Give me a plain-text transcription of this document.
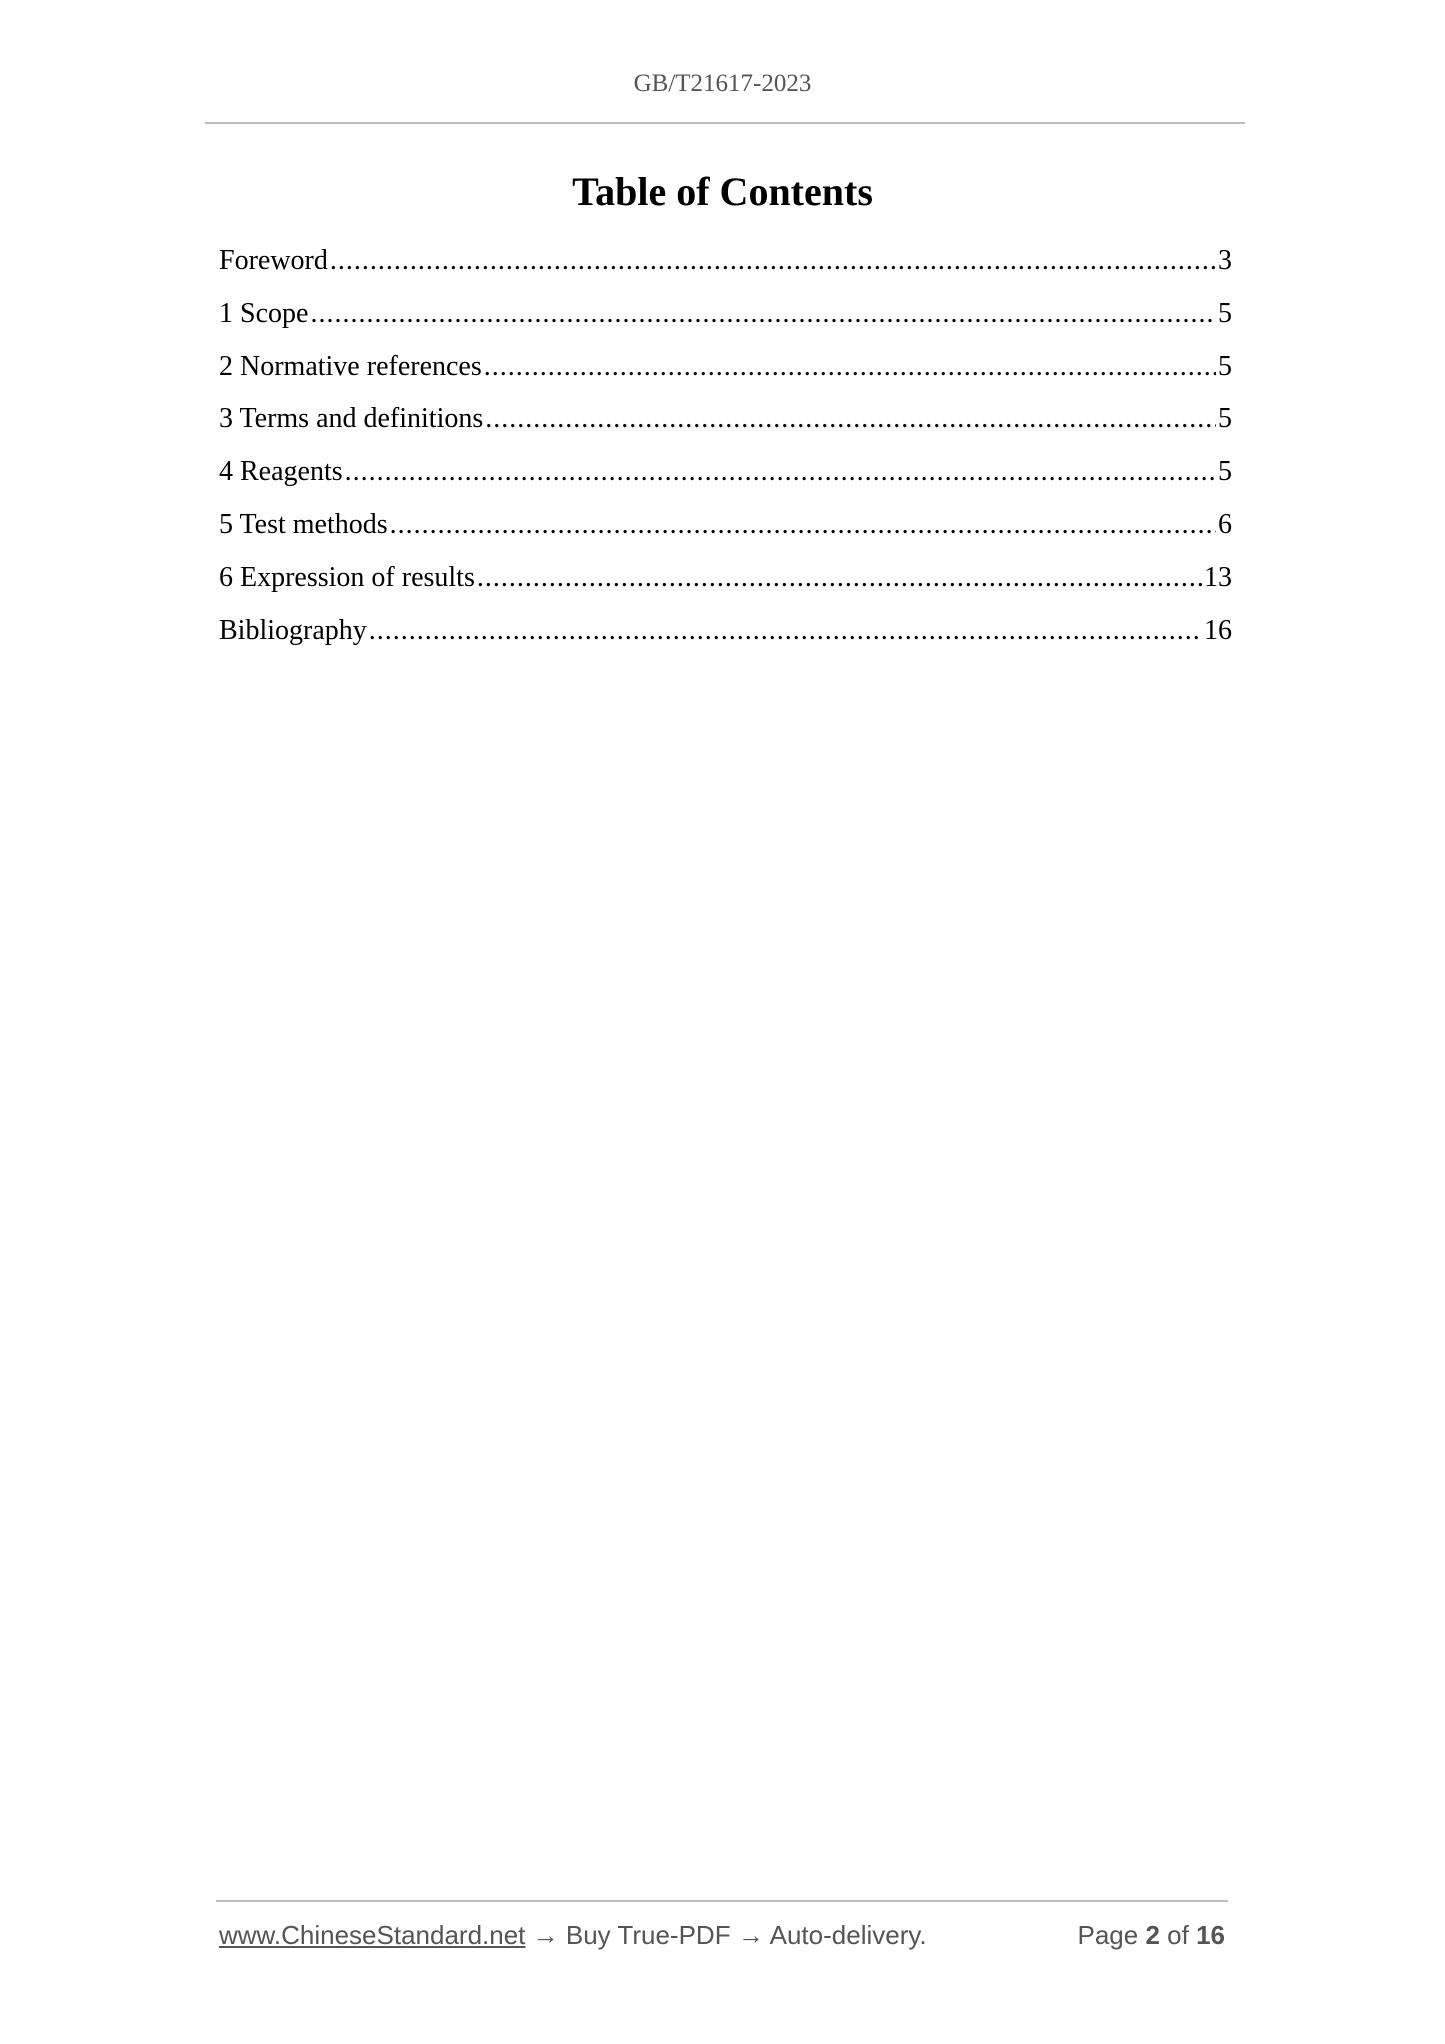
GB/T21617-2023
Table of Contents
Foreword .....	3
1 Scope .....	5
2 Normative references .....	5
3 Terms and definitions .....	5
4 Reagents .....	5
5 Test methods .....	6
6 Expression of results .....	13
Bibliography .....	16
www.ChineseStandard.net → Buy True-PDF → Auto-delivery.	Page 2 of 16
